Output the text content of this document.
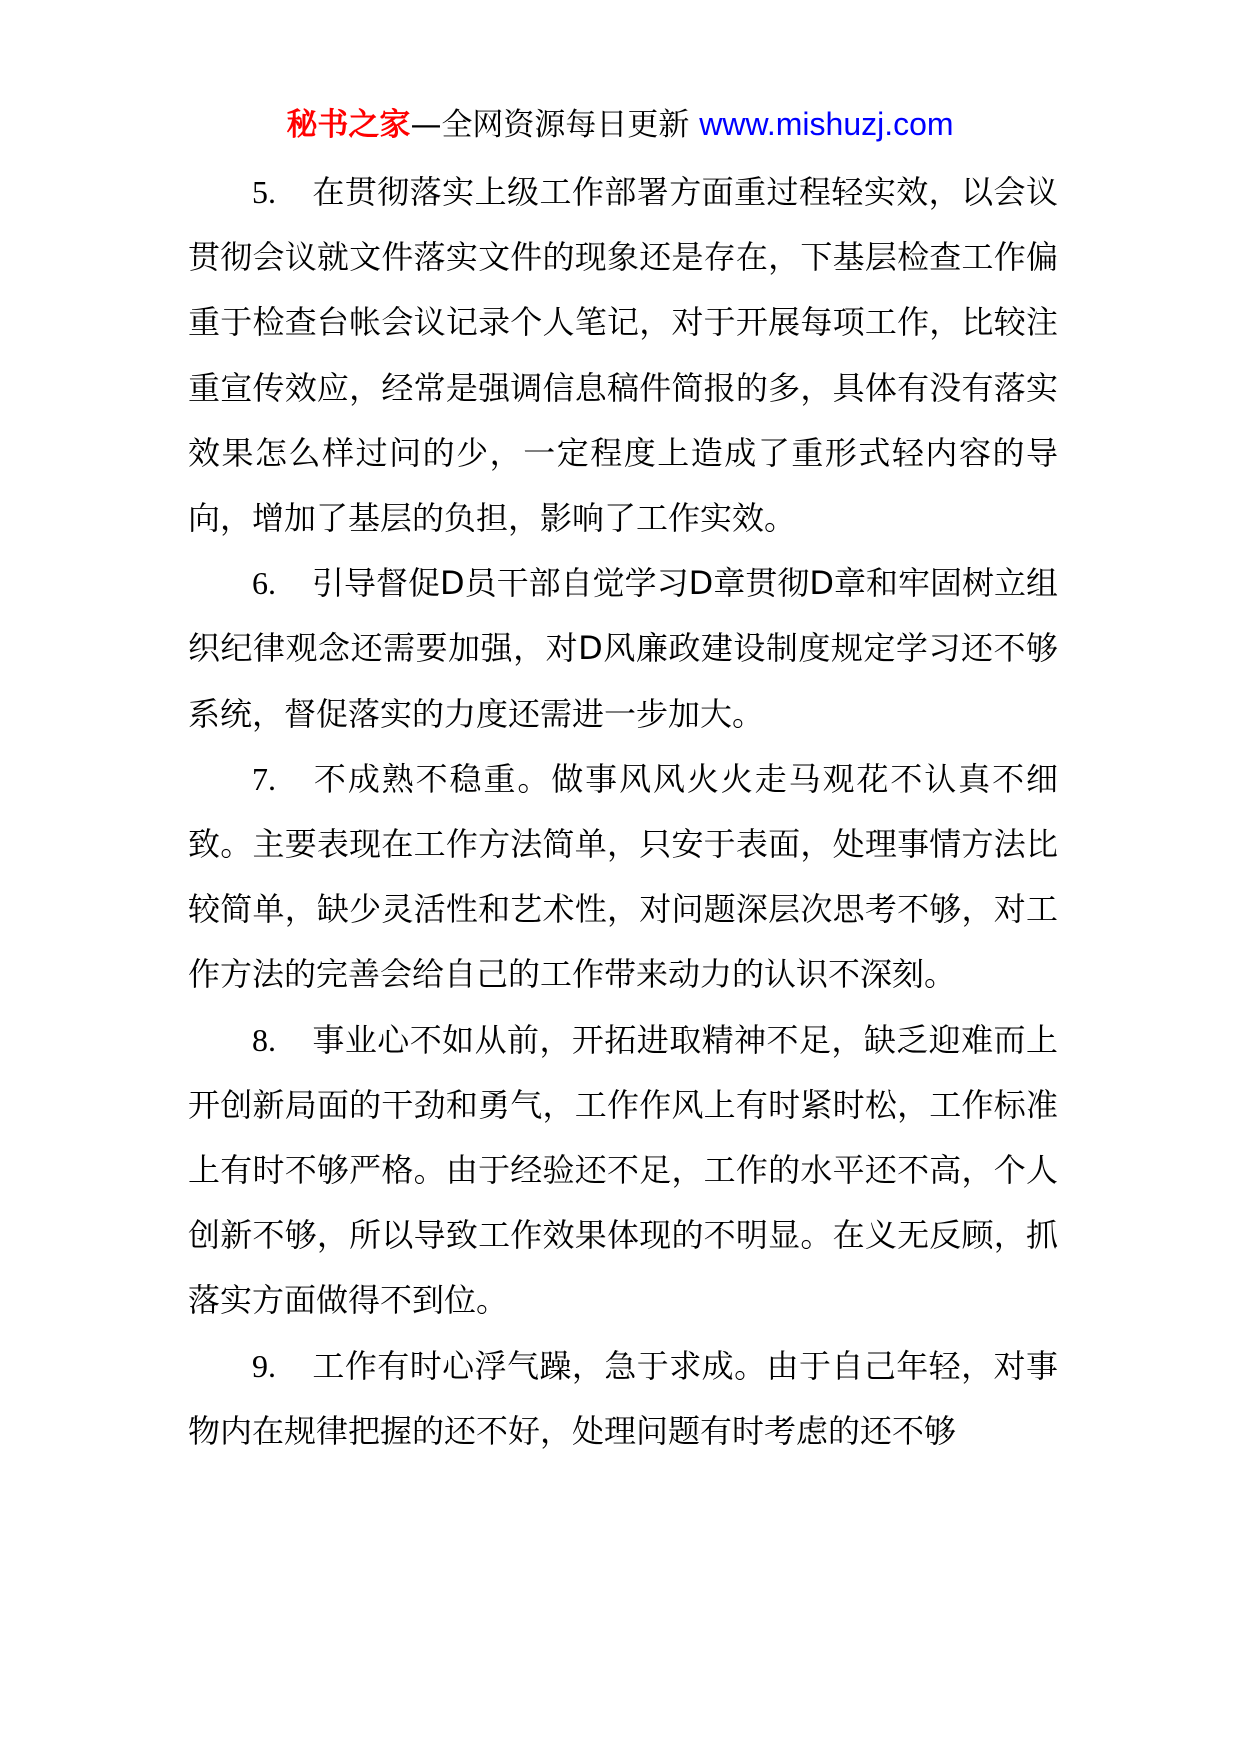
秘书之家—全网资源每日更新 www.mishuzj.com

5. 在贯彻落实上级工作部署方面重过程轻实效，以会议贯彻会议就文件落实文件的现象还是存在，下基层检查工作偏重于检查台帐会议记录个人笔记，对于开展每项工作，比较注重宣传效应，经常是强调信息稿件简报的多，具体有没有落实效果怎么样过问的少，一定程度上造成了重形式轻内容的导向，增加了基层的负担，影响了工作实效。

6. 引导督促D员干部自觉学习D章贯彻D章和牢固树立组织纪律观念还需要加强，对D风廉政建设制度规定学习还不够系统，督促落实的力度还需进一步加大。

7. 不成熟不稳重。做事风风火火走马观花不认真不细致。主要表现在工作方法简单，只安于表面，处理事情方法比较简单，缺少灵活性和艺术性，对问题深层次思考不够，对工作方法的完善会给自己的工作带来动力的认识不深刻。

8. 事业心不如从前，开拓进取精神不足，缺乏迎难而上开创新局面的干劲和勇气，工作作风上有时紧时松，工作标准上有时不够严格。由于经验还不足，工作的水平还不高，个人创新不够，所以导致工作效果体现的不明显。在义无反顾，抓落实方面做得不到位。

9. 工作有时心浮气躁，急于求成。由于自己年轻，对事物内在规律把握的还不好，处理问题有时考虑的还不够
